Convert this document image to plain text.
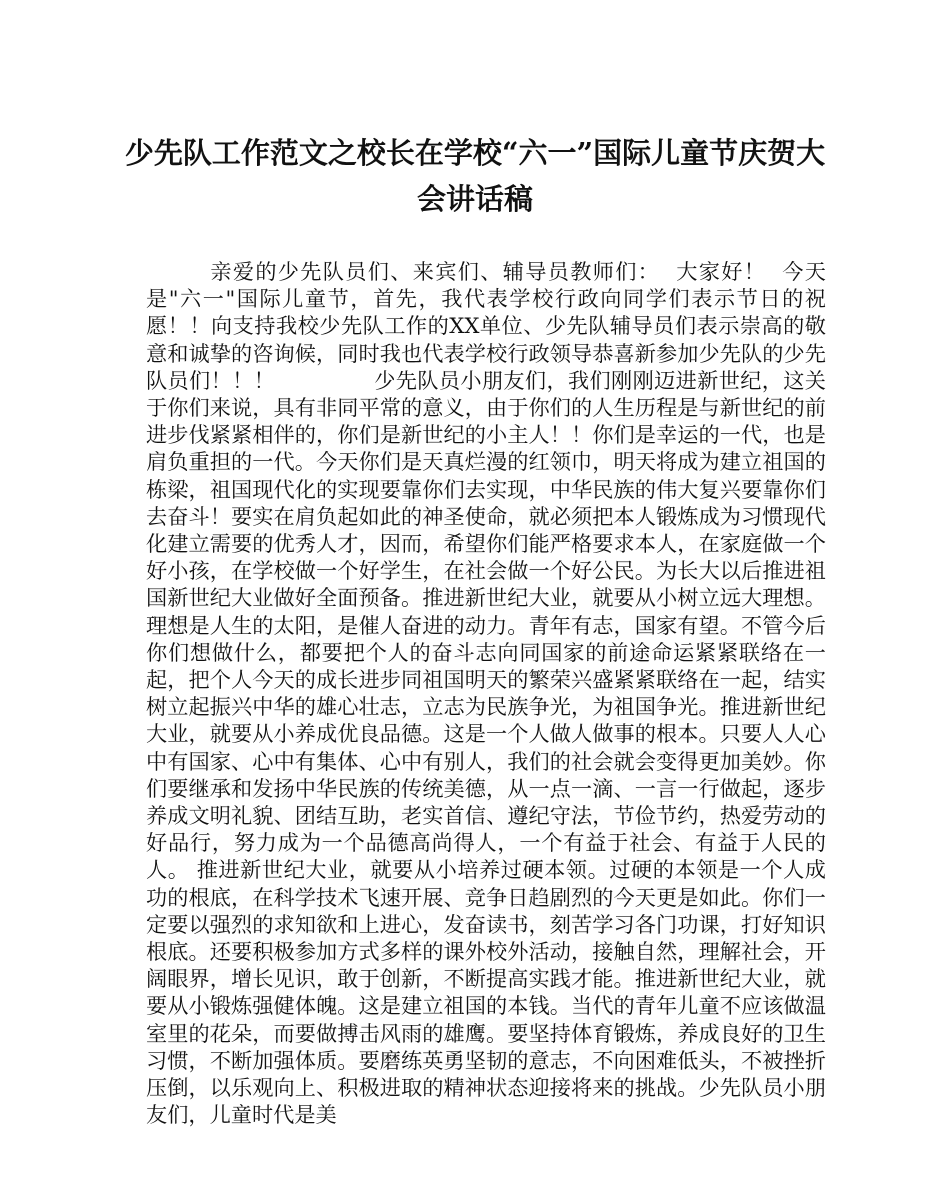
少先队工作范文之校长在学校“六一”国际儿童节庆贺大会讲话稿

亲爱的少先队员们、来宾们、辅导员教师们：  大家好！  今天是"六一"国际儿童节，首先，我代表学校行政向同学们表示节日的祝愿！！向支持我校少先队工作的XX单位、少先队辅导员们表示崇高的敬意和诚挚的咨询候，同时我也代表学校行政领导恭喜新参加少先队的少先队员们！！！              少先队员小朋友们，我们刚刚迈进新世纪，这关于你们来说，具有非同平常的意义，由于你们的人生历程是与新世纪的前进步伐紧紧相伴的，你们是新世纪的小主人！！你们是幸运的一代，也是肩负重担的一代。今天你们是天真烂漫的红领巾，明天将成为建立祖国的栋梁，祖国现代化的实现要靠你们去实现，中华民族的伟大复兴要靠你们去奋斗！要实在肩负起如此的神圣使命，就必须把本人锻炼成为习惯现代化建立需要的优秀人才，因而，希望你们能严格要求本人，在家庭做一个好小孩，在学校做一个好学生，在社会做一个好公民。为长大以后推进祖国新世纪大业做好全面预备。推进新世纪大业，就要从小树立远大理想。理想是人生的太阳，是催人奋进的动力。青年有志，国家有望。不管今后你们想做什么，都要把个人的奋斗志向同国家的前途命运紧紧联络在一起，把个人今天的成长进步同祖国明天的繁荣兴盛紧紧联络在一起，结实树立起振兴中华的雄心壮志，立志为民族争光，为祖国争光。推进新世纪大业，就要从小养成优良品德。这是一个人做人做事的根本。只要人人心中有国家、心中有集体、心中有别人，我们的社会就会变得更加美妙。你们要继承和发扬中华民族的传统美德，从一点一滴、一言一行做起，逐步养成文明礼貌、团结互助，老实首信、遵纪守法，节俭节约，热爱劳动的好品行，努力成为一个品德高尚得人，一个有益于社会、有益于人民的人。 推进新世纪大业，就要从小培养过硬本领。过硬的本领是一个人成功的根底，在科学技术飞速开展、竞争日趋剧烈的今天更是如此。你们一定要以强烈的求知欲和上进心，发奋读书，刻苦学习各门功课，打好知识根底。还要积极参加方式多样的课外校外活动，接触自然，理解社会，开阔眼界，增长见识，敢于创新，不断提高实践才能。推进新世纪大业，就要从小锻炼强健体魄。这是建立祖国的本钱。当代的青年儿童不应该做温室里的花朵，而要做搏击风雨的雄鹰。要坚持体育锻炼，养成良好的卫生习惯，不断加强体质。要磨练英勇坚韧的意志，不向困难低头，不被挫折压倒，以乐观向上、积极进取的精神状态迎接将来的挑战。少先队员小朋友们，儿童时代是美
